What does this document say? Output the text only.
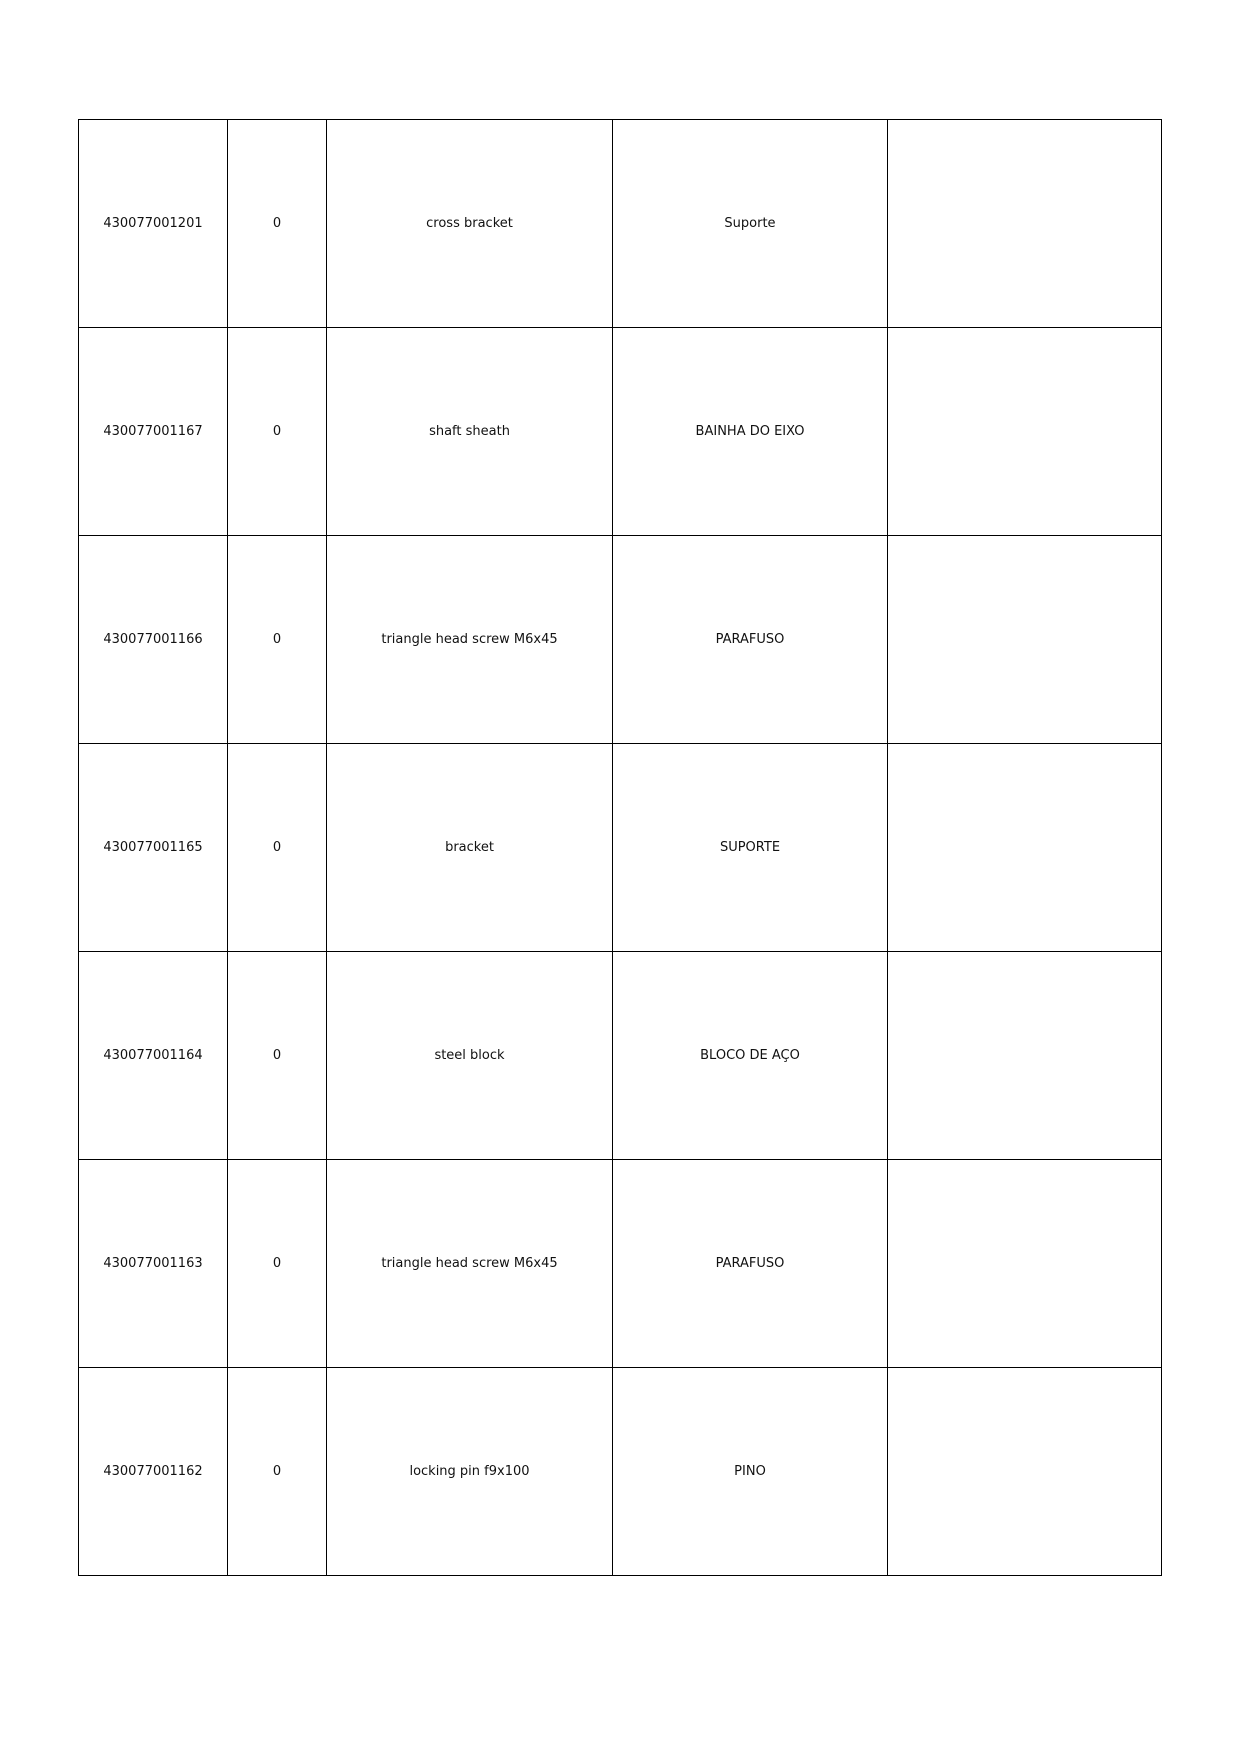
430077001201	0	cross bracket	Suporte	
430077001167	0	shaft sheath	BAINHA DO EIXO	
430077001166	0	triangle head screw M6x45	PARAFUSO	
430077001165	0	bracket	SUPORTE	
430077001164	0	steel block	BLOCO DE AÇO	
430077001163	0	triangle head screw M6x45	PARAFUSO	
430077001162	0	locking pin f9x100	PINO	
